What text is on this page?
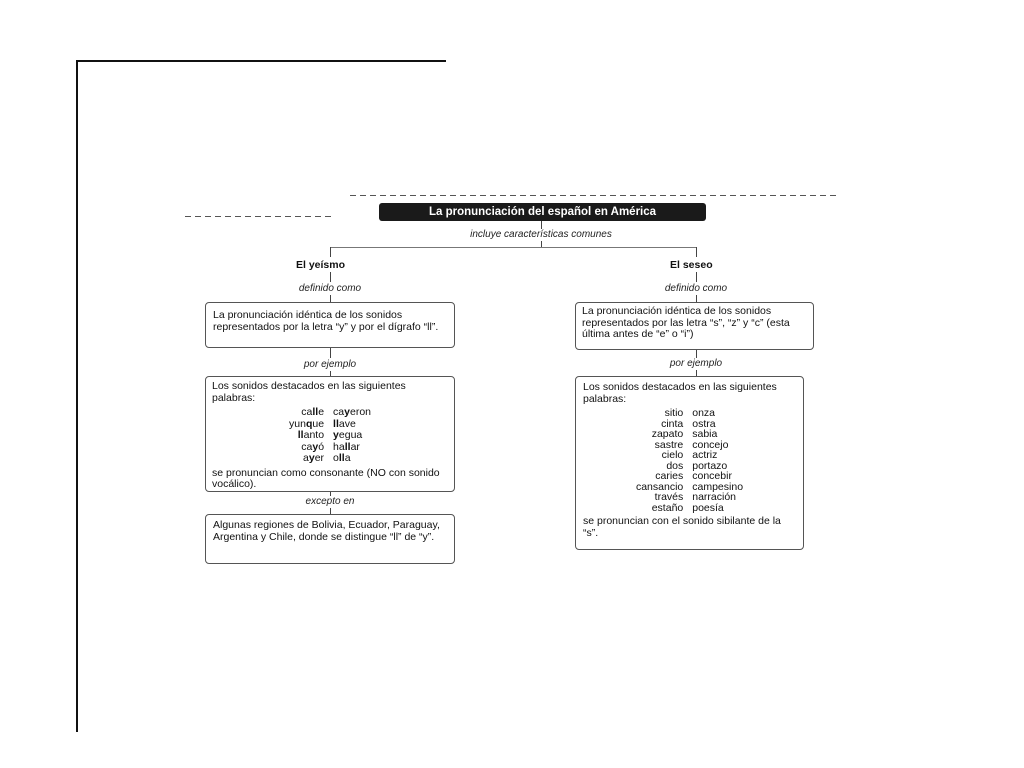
La pronunciación del español en América
incluye características comunes
El yeísmo
definido como

La pronunciación idéntica de los sonidos representados por la letra “y” y por el dígrafo “ll”.

por ejemplo

Los sonidos destacados en las siguientes palabras:

calle cayeron
yunque llave
llanto yegua
cayó hallar
ayer olla

se pronuncian como consonante (NO con sonido vocálico).

excepto en

Algunas regiones de Bolivia, Ecuador, Paraguay, Argentina y Chile, donde se distingue “ll” de “y”.

El seseo
definido como

La pronunciación idéntica de los sonidos representados por las letra “s”, “z” y “c” (esta última antes de “e” o “i”)

por ejemplo

Los sonidos destacados en las siguientes palabras:

sitio onza
cinta ostra
zapato sabia
sastre concejo
cielo actriz
dos portazo
caries concebir
cansancio campesino
través narración
estaño poesía

se pronuncian con el sonido sibilante de la “s”.
